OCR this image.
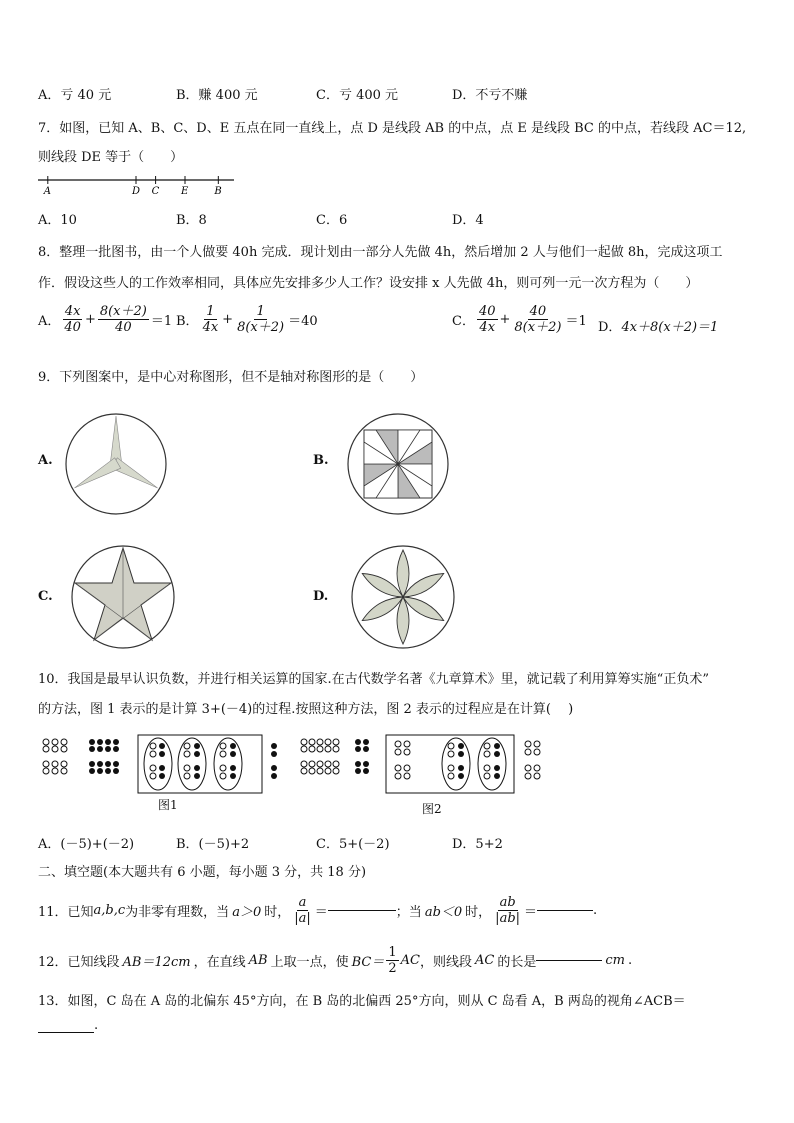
A．亏 40 元	B．赚 400 元	C．亏 400 元	D．不亏不赚
7．如图，已知 A、B、C、D、E 五点在同一直线上，点 D 是线段 AB 的中点，点 E 是线段 BC 的中点，若线段 AC＝12,
则线段 DE 等于（　　）
A	D C E	B
A．10	B．8	C．6	D．4
8．整理一批图书，由一个人做要 40h 完成．现计划由一部分人先做 4h，然后增加 2 人与他们一起做 8h，完成这项工
作．假设这些人的工作效率相同，具体应先安排多少人工作？设安排 x 人先做 4h，则可列一元一次方程为（　　）
A． $\frac{4x}{40} + \frac{8(x+2)}{40} =1$ B． $\frac{1}{4x} + \frac{1}{8(x+2)} =40$	C． $\frac{40}{4x} + \frac{40}{8(x+2)} =1$ D．4x＋8(x＋2)＝1
9．下列图案中，是中心对称图形，但不是轴对称图形的是（　　）
A.	B.
C.	D.
10．我国是最早认识负数，并进行相关运算的国家.在古代数学名著《九章算术》里，就记载了利用算筹实施“正负术”
的方法，图 1 表示的是计算 3+(－4)的过程.按照这种方法，图 2 表示的过程应是在计算(　 )
图1	图2
A．(－5)+(－2)	B．(－5)+2	C．5+(－2)	D．5+2
二、填空题(本大题共有 6 小题，每小题 3 分，共 18 分)
11．已知 a,b,c 为非零有理数，当 a＞0 时， $\frac{a}{|a|}$ ＝	；当 ab＜0 时， $\frac{ab}{|ab|}$ ＝	.
12．已知线段 AB＝12cm ，在直线 AB 上取一点，使 $BC= \frac{1}{2}$ AC ，则线段 AC 的长是	cm .
13．如图，C 岛在 A 岛的北偏东 45°方向，在 B 岛的北偏西 25°方向，则从 C 岛看 A，B 两岛的视角∠ACB＝
.
